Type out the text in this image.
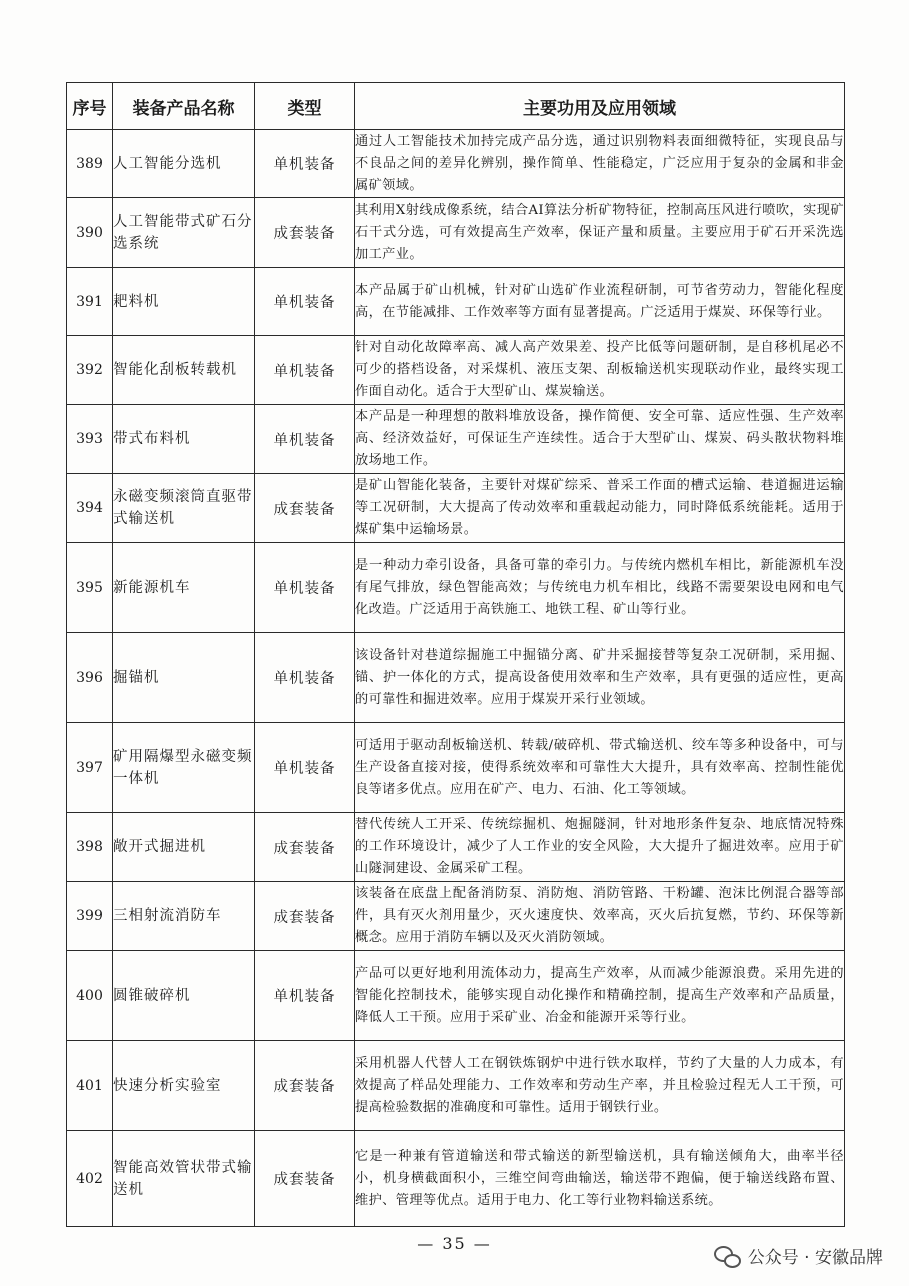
序号	装备产品名称	类型	主要功用及应用领域
389	人工智能分选机	单机装备	通过人工智能技术加持完成产品分选，通过识别物料表面细微特征，实现良品与不良品之间的差异化辨别，操作简单、性能稳定，广泛应用于复杂的金属和非金属矿领域。
390	人工智能带式矿石分选系统	成套装备	其利用X射线成像系统，结合AI算法分析矿物特征，控制高压风进行喷吹，实现矿石干式分选，可有效提高生产效率，保证产量和质量。主要应用于矿石开采洗选加工产业。
391	耙料机	单机装备	本产品属于矿山机械，针对矿山选矿作业流程研制，可节省劳动力，智能化程度高，在节能减排、工作效率等方面有显著提高。广泛适用于煤炭、环保等行业。
392	智能化刮板转载机	单机装备	针对自动化故障率高、减人高产效果差、投产比低等问题研制，是自移机尾必不可少的搭档设备，对采煤机、液压支架、刮板输送机实现联动作业，最终实现工作面自动化。适合于大型矿山、煤炭输送。
393	带式布料机	单机装备	本产品是一种理想的散料堆放设备，操作简便、安全可靠、适应性强、生产效率高、经济效益好，可保证生产连续性。适合于大型矿山、煤炭、码头散状物料堆放场地工作。
394	永磁变频滚筒直驱带式输送机	成套装备	是矿山智能化装备，主要针对煤矿综采、普采工作面的槽式运输、巷道掘进运输等工况研制，大大提高了传动效率和重载起动能力，同时降低系统能耗。适用于煤矿集中运输场景。
395	新能源机车	单机装备	是一种动力牵引设备，具备可靠的牵引力。与传统内燃机车相比，新能源机车没有尾气排放，绿色智能高效；与传统电力机车相比，线路不需要架设电网和电气化改造。广泛适用于高铁施工、地铁工程、矿山等行业。
396	掘锚机	单机装备	该设备针对巷道综掘施工中掘锚分离、矿井采掘接替等复杂工况研制，采用掘、锚、护一体化的方式，提高设备使用效率和生产效率，具有更强的适应性，更高的可靠性和掘进效率。应用于煤炭开采行业领域。
397	矿用隔爆型永磁变频一体机	单机装备	可适用于驱动刮板输送机、转载/破碎机、带式输送机、绞车等多种设备中，可与生产设备直接对接，使得系统效率和可靠性大大提升，具有效率高、控制性能优良等诸多优点。应用在矿产、电力、石油、化工等领域。
398	敞开式掘进机	成套装备	替代传统人工开采、传统综掘机、炮掘隧洞，针对地形条件复杂、地底情况特殊的工作环境设计，减少了人工作业的安全风险，大大提升了掘进效率。应用于矿山隧洞建设、金属采矿工程。
399	三相射流消防车	成套装备	该装备在底盘上配备消防泵、消防炮、消防管路、干粉罐、泡沫比例混合器等部件，具有灭火剂用量少，灭火速度快、效率高，灭火后抗复燃，节约、环保等新概念。应用于消防车辆以及灭火消防领域。
400	圆锥破碎机	单机装备	产品可以更好地利用流体动力，提高生产效率，从而减少能源浪费。采用先进的智能化控制技术，能够实现自动化操作和精确控制，提高生产效率和产品质量，降低人工干预。应用于采矿业、冶金和能源开采等行业。
401	快速分析实验室	成套装备	采用机器人代替人工在钢铁炼钢炉中进行铁水取样，节约了大量的人力成本，有效提高了样品处理能力、工作效率和劳动生产率，并且检验过程无人工干预，可提高检验数据的准确度和可靠性。适用于钢铁行业。
402	智能高效管状带式输送机	成套装备	它是一种兼有管道输送和带式输送的新型输送机，具有输送倾角大，曲率半径小，机身横截面积小，三维空间弯曲输送，输送带不跑偏，便于输送线路布置、维护、管理等优点。适用于电力、化工等行业物料输送系统。
— 35 —
公众号 · 安徽品牌
